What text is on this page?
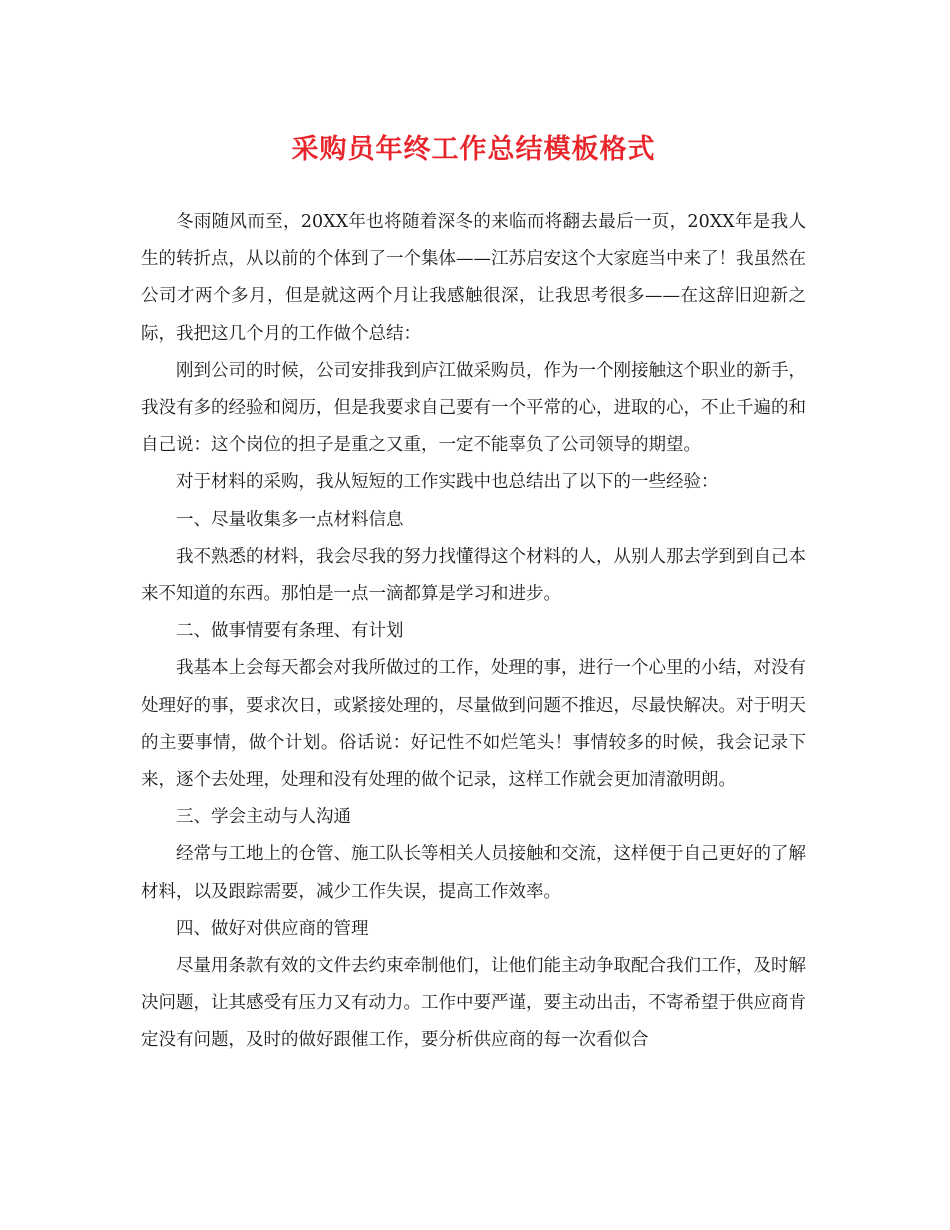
采购员年终工作总结模板格式

冬雨随风而至，20XX年也将随着深冬的来临而将翻去最后一页，20XX年是我人生的转折点，从以前的个体到了一个集体——江苏启安这个大家庭当中来了！我虽然在公司才两个多月，但是就这两个月让我感触很深，让我思考很多——在这辞旧迎新之际，我把这几个月的工作做个总结：

刚到公司的时候，公司安排我到庐江做采购员，作为一个刚接触这个职业的新手，我没有多的经验和阅历，但是我要求自己要有一个平常的心，进取的心，不止千遍的和自己说：这个岗位的担子是重之又重，一定不能辜负了公司领导的期望。

对于材料的采购，我从短短的工作实践中也总结出了以下的一些经验：

一、尽量收集多一点材料信息

我不熟悉的材料，我会尽我的努力找懂得这个材料的人，从别人那去学到到自己本来不知道的东西。那怕是一点一滴都算是学习和进步。

二、做事情要有条理、有计划

我基本上会每天都会对我所做过的工作，处理的事，进行一个心里的小结，对没有处理好的事，要求次日，或紧接处理的，尽量做到问题不推迟，尽最快解决。对于明天的主要事情，做个计划。俗话说：好记性不如烂笔头！事情较多的时候，我会记录下来，逐个去处理，处理和没有处理的做个记录，这样工作就会更加清澈明朗。

三、学会主动与人沟通

经常与工地上的仓管、施工队长等相关人员接触和交流，这样便于自己更好的了解材料，以及跟踪需要，减少工作失误，提高工作效率。

四、做好对供应商的管理

尽量用条款有效的文件去约束牵制他们，让他们能主动争取配合我们工作，及时解决问题，让其感受有压力又有动力。工作中要严谨，要主动出击，不寄希望于供应商肯定没有问题，及时的做好跟催工作，要分析供应商的每一次看似合
